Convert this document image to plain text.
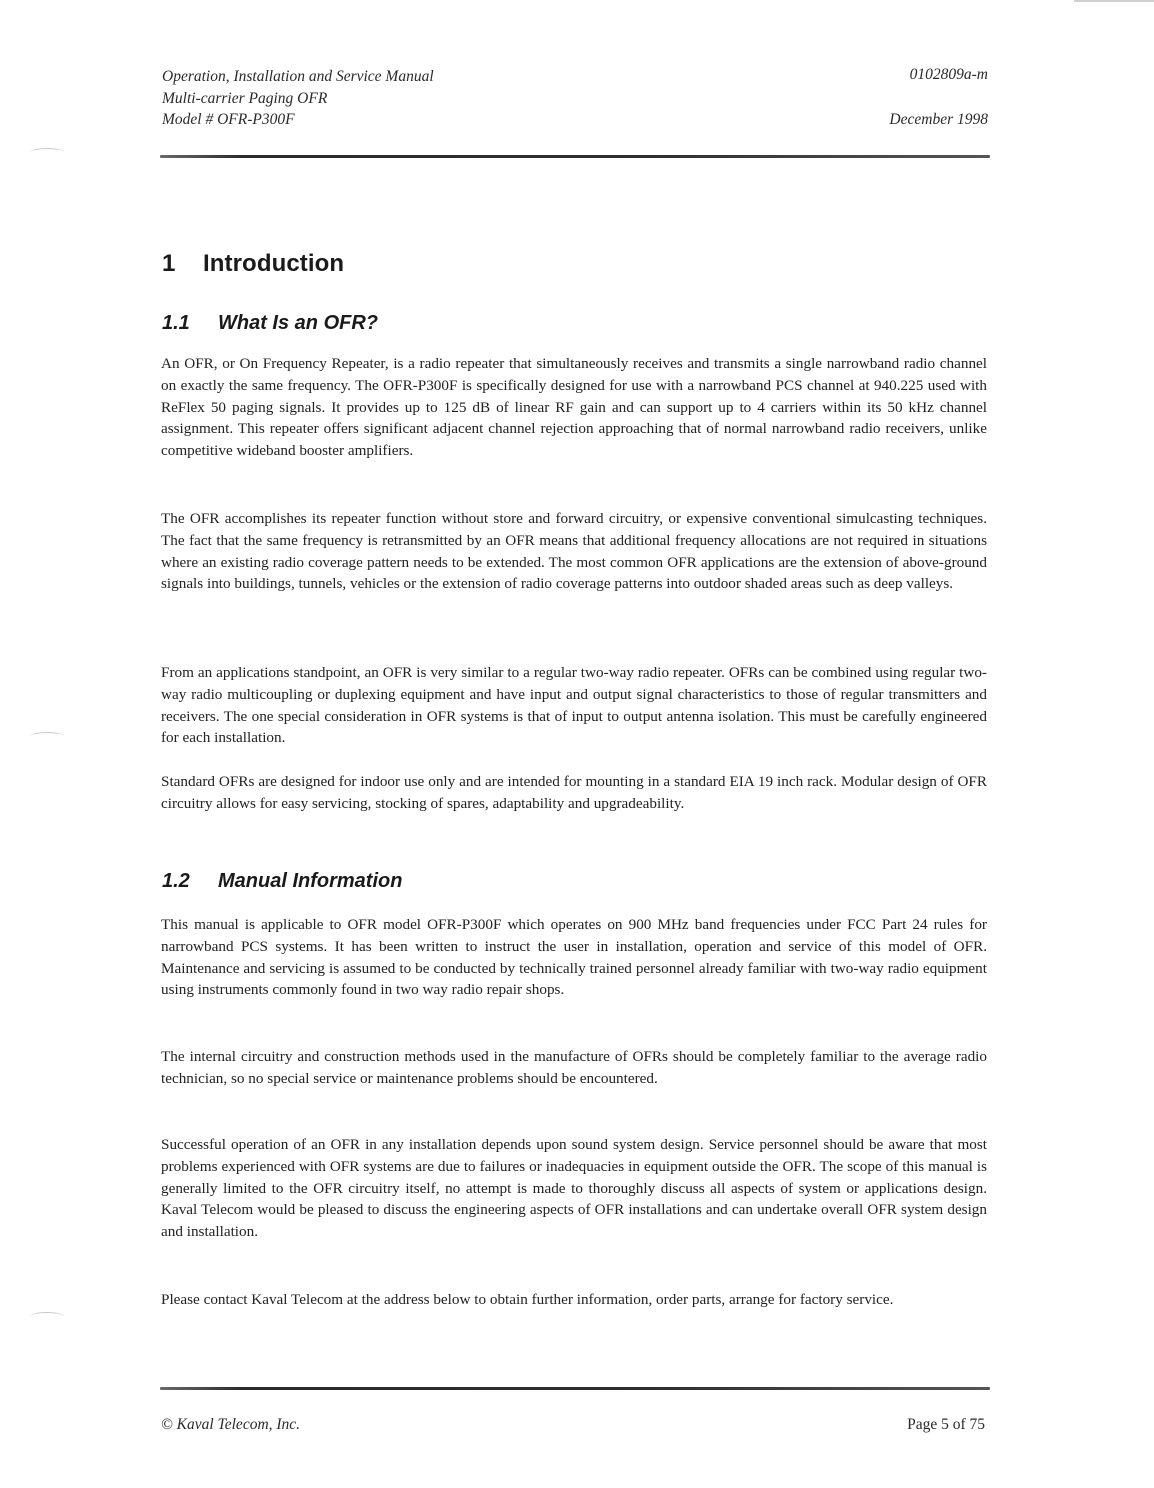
Operation, Installation and Service Manual
Multi-carrier Paging OFR
Model # OFR-P300F
0102809a-m
December 1998
1 Introduction
1.1 What Is an OFR?

An OFR, or On Frequency Repeater, is a radio repeater that simultaneously receives and transmits a single narrowband radio channel on exactly the same frequency. The OFR-P300F is specifically designed for use with a narrowband PCS channel at 940.225 used with ReFlex 50 paging signals. It provides up to 125 dB of linear RF gain and can support up to 4 carriers within its 50 kHz channel assignment. This repeater offers significant adjacent channel rejection approaching that of normal narrowband radio receivers, unlike competitive wideband booster amplifiers.

The OFR accomplishes its repeater function without store and forward circuitry, or expensive conventional simulcasting techniques. The fact that the same frequency is retransmitted by an OFR means that additional frequency allocations are not required in situations where an existing radio coverage pattern needs to be extended. The most common OFR applications are the extension of above-ground signals into buildings, tunnels, vehicles or the extension of radio coverage patterns into outdoor shaded areas such as deep valleys.

From an applications standpoint, an OFR is very similar to a regular two-way radio repeater. OFRs can be combined using regular two-way radio multicoupling or duplexing equipment and have input and output signal characteristics to those of regular transmitters and receivers. The one special consideration in OFR systems is that of input to output antenna isolation. This must be carefully engineered for each installation.

Standard OFRs are designed for indoor use only and are intended for mounting in a standard EIA 19 inch rack. Modular design of OFR circuitry allows for easy servicing, stocking of spares, adaptability and upgradeability.

1.2 Manual Information

This manual is applicable to OFR model OFR-P300F which operates on 900 MHz band frequencies under FCC Part 24 rules for narrowband PCS systems. It has been written to instruct the user in installation, operation and service of this model of OFR. Maintenance and servicing is assumed to be conducted by technically trained personnel already familiar with two-way radio equipment using instruments commonly found in two way radio repair shops.

The internal circuitry and construction methods used in the manufacture of OFRs should be completely familiar to the average radio technician, so no special service or maintenance problems should be encountered.

Successful operation of an OFR in any installation depends upon sound system design. Service personnel should be aware that most problems experienced with OFR systems are due to failures or inadequacies in equipment outside the OFR. The scope of this manual is generally limited to the OFR circuitry itself, no attempt is made to thoroughly discuss all aspects of system or applications design. Kaval Telecom would be pleased to discuss the engineering aspects of OFR installations and can undertake overall OFR system design and installation.

Please contact Kaval Telecom at the address below to obtain further information, order parts, arrange for factory service.

© Kaval Telecom, Inc.	Page 5 of 75
